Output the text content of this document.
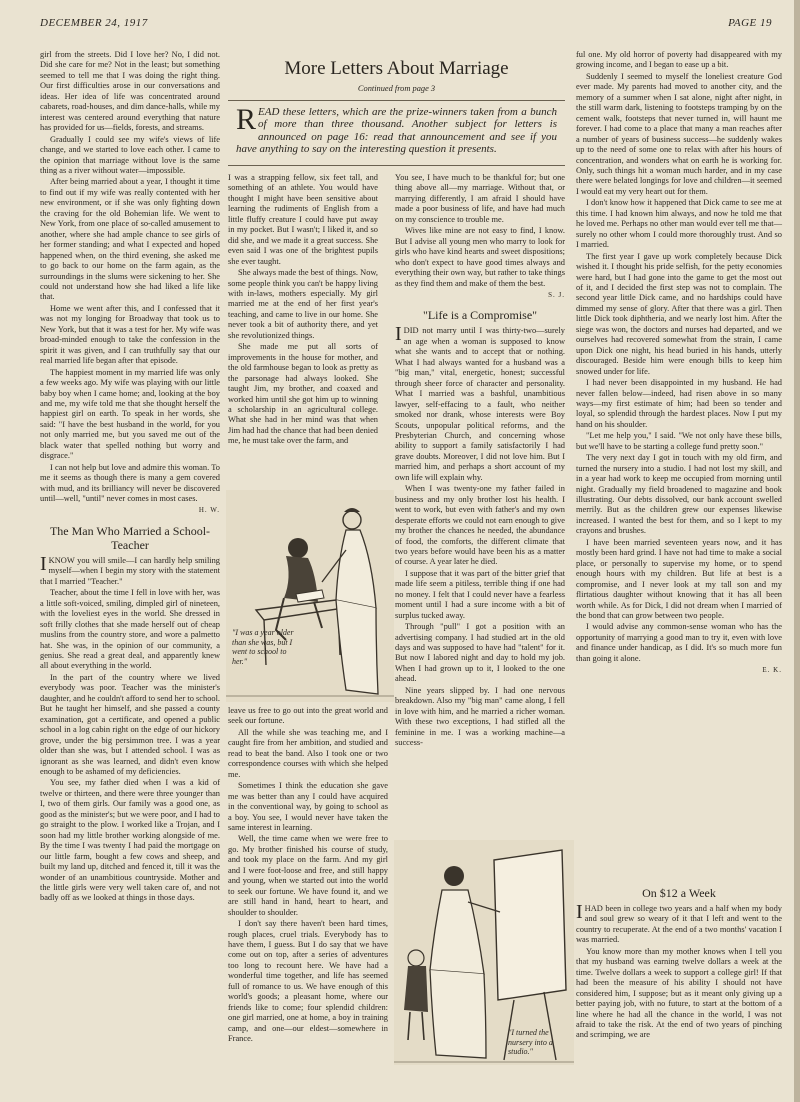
DECEMBER 24, 1917	PAGE 19

girl from the streets. Did I love her? No, I did not. Did she care for me? Not in the least; but something seemed to tell me that I was doing the right thing. Our first difficulties arose in our conversations and ideas. Her idea of life was concentrated around cabarets, road-houses, and dim dance-halls, while my interest was centered around everything that nature has provided for us—fields, forests, and streams.

Gradually I could see my wife's views of life change, and we started to love each other. I came to the opinion that marriage without love is the same thing as a river without water—impossible.

After being married about a year, I thought it time to find out if my wife was really contented with her new environment, or if she was only fighting down the craving for the old Bohemian life. We went to New York, from one place of so-called amusement to another, where she had ample chance to see girls of her former standing; and what I expected and hoped happened when, on the third evening, she asked me to go back to our home on the farm again, as the surroundings in the slums were sickening to her. She could not understand how she had liked a life like that.

Home we went after this, and I confessed that it was not my longing for Broadway that took us to New York, but that it was a test for her. My wife was broad-minded enough to take the confession in the spirit it was given, and I can truthfully say that our real married life began after that episode.

The happiest moment in my married life was only a few weeks ago. My wife was playing with our little baby boy when I came home; and, looking at the boy and me, my wife told me that she thought herself the happiest girl on earth. To speak in her words, she said: "I have the best husband in the world, for you not only married me, but you saved me out of the black water that spelled nothing but worry and disgrace."

I can not help but love and admire this woman. To me it seems as though there is many a gem covered with mud, and its brilliancy will never be discovered until—well, "until" never comes in most cases.

H. W.
The Man Who Married a School-Teacher

IKNOW you will smile—I can hardly help smiling myself—when I begin my story with the statement that I married "Teacher."

Teacher, about the time I fell in love with her, was a little soft-voiced, smiling, dimpled girl of nineteen, with the loveliest eyes in the world. She dressed in soft frilly clothes that she made herself out of cheap muslins from the country store, and wore a palmetto hat. She was, in the opinion of our community, a genius. She read a great deal, and apparently knew all about everything in the world.

In the part of the country where we lived everybody was poor. Teacher was the minister's daughter, and he couldn't afford to send her to school. But he taught her himself, and she passed a county examination, got a certificate, and opened a public school in a log cabin right on the edge of our hickory grove, under the big persimmon tree. I was a year older than she was, but I attended school. I was as ignorant as she was learned, and didn't even know enough to be ashamed of my deficiencies.

You see, my father died when I was a kid of twelve or thirteen, and there were three younger than I, two of them girls. Our family was a good one, as good as the minister's; but we were poor, and I had to go straight to the plow. I worked like a Trojan, and I soon had my little brother working alongside of me. By the time I was twenty I had paid the mortgage on our little farm, bought a few cows and sheep, and built my land up, ditched and fenced it, till it was the wonder of an unambitious countryside. Mother and the little girls were very well taken care of, and not badly off as we looked at things in those days.

More Letters About Marriage
Continued from page 3
READ these letters, which are the prize-winners taken from a bunch of more than three thousand. Another subject for letters is announced on page 16: read that announcement and see if you have anything to say on the interesting question it presents.

I was a strapping fellow, six feet tall, and something of an athlete. You would have thought I might have been sensitive about learning the rudiments of English from a little fluffy creature I could have put away in my pocket. But I wasn't; I liked it, and so did she, and we made it a great success. She even said I was one of the brightest pupils she ever taught.

She always made the best of things. Now, some people think you can't be happy living with in-laws, mothers especially. My girl married me at the end of her first year's teaching, and came to live in our home. She never took a bit of authority there, and yet she revolutionized things.

She made me put all sorts of improvements in the house for mother, and the old farmhouse began to look as pretty as the parsonage had always looked. She taught Jim, my brother, and coaxed and worked him until she got him up to winning a scholarship in an agricultural college. What she had in her mind was that when Jim had had the chance that had been denied me, he must take over the farm, and

"I was a year older than she was, but I went to school to her."

leave us free to go out into the great world and seek our fortune.

All the while she was teaching me, and I caught fire from her ambition, and studied and read to beat the band. Also I took one or two correspondence courses with which she helped me.

Sometimes I think the education she gave me was better than any I could have acquired in the conventional way, by going to school as a boy. You see, I would never have taken the same interest in learning.

Well, the time came when we were free to go. My brother finished his course of study, and took my place on the farm. And my girl and I were foot-loose and free, and still happy and young, when we started out into the world to seek our fortune. We have found it, and we are still hand in hand, heart to heart, and shoulder to shoulder.

I don't say there haven't been hard times, rough places, cruel trials. Everybody has to have them, I guess. But I do say that we have come out on top, after a series of adventures too long to recount here. We have had a wonderful time together, and life has seemed full of romance to us. We have enough of this world's goods; a pleasant home, where our friends like to come; four splendid children: one girl married, one at home, a boy in training camp, and one—our eldest—somewhere in France.

You see, I have much to be thankful for; but one thing above all—my marriage. Without that, or marrying differently, I am afraid I should have made a poor business of life, and have had much on my conscience to trouble me.

Wives like mine are not easy to find, I know. But I advise all young men who marry to look for girls who have kind hearts and sweet dispositions; who don't expect to have good times always and everything their own way, but rather to take things as they find them and make of them the best.

S. J.
"Life is a Compromise"

IDID not marry until I was thirty-two—surely an age when a woman is supposed to know what she wants and to accept that or nothing. What I had always wanted for a husband was a "big man," vital, energetic, honest; successful through sheer force of character and personality. What I married was a bashful, unambitious lawyer, self-effacing to a fault, who neither smoked nor drank, whose interests were Boy Scouts, unpopular political reforms, and the Presbyterian Church, and concerning whose ability to support a family satisfactorily I had grave doubts. Moreover, I did not love him. But I married him, and perhaps a short account of my own life will explain why.

When I was twenty-one my father failed in business and my only brother lost his health. I went to work, but even with father's and my own desperate efforts we could not earn enough to give my brother the chances he needed, the abundance of food, the comforts, the different climate that two years before would have been his as a matter of course. A year later he died.

I suppose that it was part of the bitter grief that made life seem a pitiless, terrible thing if one had no money. I felt that I could never have a fearless moment until I had a sure income with a bit of surplus tucked away.

Through "pull" I got a position with an advertising company. I had studied art in the old days and was supposed to have had "talent" for it. But now I labored night and day to hold my job. When I had grown up to it, I looked to the one ahead.

Nine years slipped by. I had one nervous breakdown. Also my "big man" came along, I fell in love with him, and he married a richer woman. With these two exceptions, I had stifled all the feminine in me. I was a working machine—a success-

"I turned the nursery into a studio."

ful one. My old horror of poverty had disappeared with my growing income, and I began to ease up a bit.

Suddenly I seemed to myself the loneliest creature God ever made. My parents had moved to another city, and the memory of a summer when I sat alone, night after night, in the still warm dark, listening to footsteps tramping by on the cement walk, footsteps that never turned in, will haunt me forever. I had come to a place that many a man reaches after a number of years of business success—he suddenly wakes up to the need of some one to relax with after his hours of concentration, and wonders what on earth he is working for. Only, such things hit a woman much harder, and in my case there were belated longings for love and children—it seemed I would eat my very heart out for them.

I don't know how it happened that Dick came to see me at this time. I had known him always, and now he told me that he loved me. Perhaps no other man would ever tell me that—surely no other whom I could more thoroughly trust. And so I married.

The first year I gave up work completely because Dick wished it. I thought his pride selfish, for the petty economies were hard, but I had gone into the game to get the most out of it, and I decided the first step was not to complain. The second year little Dick came, and no hardships could have dimmed my sense of glory. After that there was a girl. Then little Dick took diphtheria, and we nearly lost him. After the siege was won, the doctors and nurses had departed, and we ourselves had recovered somewhat from the strain, I came upon Dick one night, his head buried in his hands, utterly discouraged. Beside him were enough bills to keep him snowed under for life.

I had never been disappointed in my husband. He had never fallen below—indeed, had risen above in so many ways—my first estimate of him; had been so tender and loyal, so splendid through the hardest places. Now I put my hand on his shoulder.

"Let me help you," I said. "We not only have these bills, but we'll have to be starting a college fund pretty soon."

The very next day I got in touch with my old firm, and turned the nursery into a studio. I had not lost my skill, and in a year had work to keep me occupied from morning until night. Gradually my field broadened to magazine and book illustrating. Our debts dissolved, our bank account swelled merrily. But as the children grew our expenses likewise increased. I wanted the best for them, and so I kept to my crayons and brushes.

I have been married seventeen years now, and it has mostly been hard grind. I have not had time to make a social place, or personally to supervise my home, or to spend enough hours with my children. But life at best is a compromise, and I never look at my tall son and my flirtatious daughter without knowing that it has all been worth while. As for Dick, I did not dream when I married of the bond that can grow between two people.

I would advise any common-sense woman who has the opportunity of marrying a good man to try it, even with love and finance under handicap, as I did. It's so much more fun than going it alone.

E. K.
On $12 a Week

IHAD been in college two years and a half when my body and soul grew so weary of it that I left and went to the country to recuperate. At the end of a two months' vacation I was married.

You know more than my mother knows when I tell you that my husband was earning twelve dollars a week at the time. Twelve dollars a week to support a college girl! If that had been the measure of his ability I should not have considered him, I suppose; but as it meant only giving up a better paying job, with no future, to start at the bottom of a line where he had all the chance in the world, I was not afraid to take the risk. At the end of two years of pinching and scrimping, we are
